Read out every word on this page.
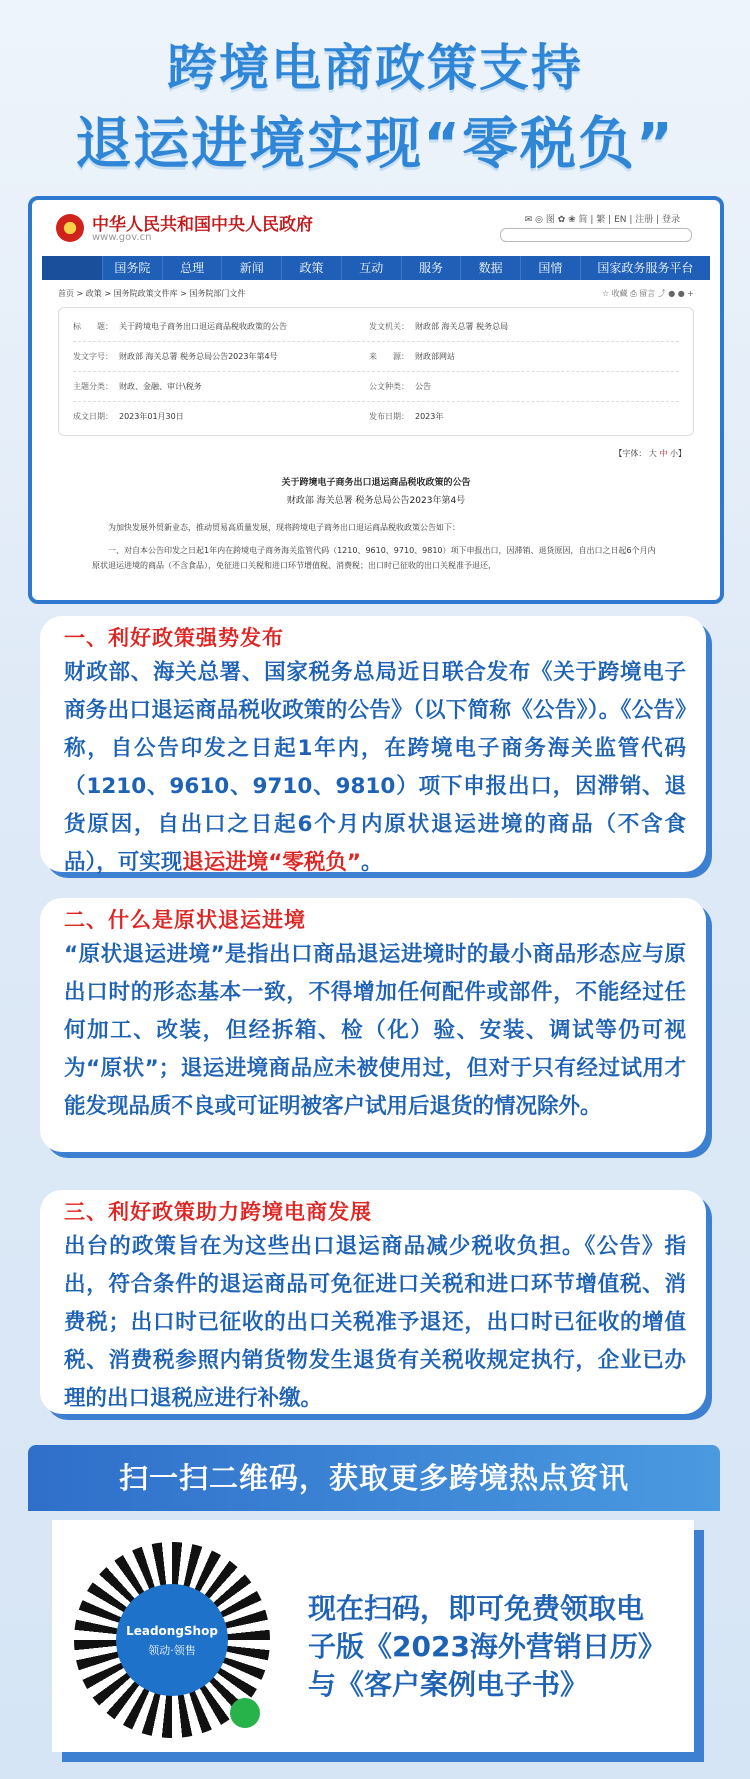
跨境电商政策支持
退运进境实现“零税负”
中华人民共和国中央人民政府
www.gov.cn
✉ ◎ 图 ✿ ❀ 简 | 繁 | EN | 注册 | 登录
国务院	总理	新闻	政策	互动	服务	数据	国情	国家政务服务平台
首页 > 政策 > 国务院政策文件库 > 国务院部门文件	☆ 收藏 ⎙ 留言 ⤴ ● ● +
标　　题： 关于跨境电子商务出口退运商品税收政策的公告	发文机关： 财政部 海关总署 税务总局
发文字号： 财政部 海关总署 税务总局公告2023年第4号	来　　源： 财政部网站
主题分类： 财政、金融、审计\税务	公文种类： 公告
成文日期： 2023年01月30日	发布日期： 2023年
【字体： 大 中 小】
关于跨境电子商务出口退运商品税收政策的公告
财政部 海关总署 税务总局公告2023年第4号
为加快发展外贸新业态，推动贸易高质量发展，现将跨境电子商务出口退运商品税收政策公告如下：
一、对自本公告印发之日起1年内在跨境电子商务海关监管代码（1210、9610、9710、9810）项下申报出口，因滞销、退货原因，自出口之日起6个月内原状退运进境的商品（不含食品），免征进口关税和进口环节增值税、消费税；出口时已征收的出口关税准予退还，
一、利好政策强势发布
财政部、海关总署、国家税务总局近日联合发布《关于跨境电子商务出口退运商品税收政策的公告》（以下简称《公告》）。《公告》称，自公告印发之日起1年内，在跨境电子商务海关监管代码（1210、9610、9710、9810）项下申报出口，因滞销、退货原因，自出口之日起6个月内原状退运进境的商品（不含食品），可实现退运进境“零税负”。
二、什么是原状退运进境
“原状退运进境”是指出口商品退运进境时的最小商品形态应与原出口时的形态基本一致，不得增加任何配件或部件，不能经过任何加工、改装，但经拆箱、检（化）验、安装、调试等仍可视为“原状”；退运进境商品应未被使用过，但对于只有经过试用才能发现品质不良或可证明被客户试用后退货的情况除外。
三、利好政策助力跨境电商发展
出台的政策旨在为这些出口退运商品减少税收负担。《公告》指出，符合条件的退运商品可免征进口关税和进口环节增值税、消费税；出口时已征收的出口关税准予退还，出口时已征收的增值税、消费税参照内销货物发生退货有关税收规定执行，企业已办理的出口退税应进行补缴。
扫一扫二维码，获取更多跨境热点资讯
LeadongShop
领动·领售
现在扫码，即可免费领取电
子版《2023海外营销日历》
与《客户案例电子书》
